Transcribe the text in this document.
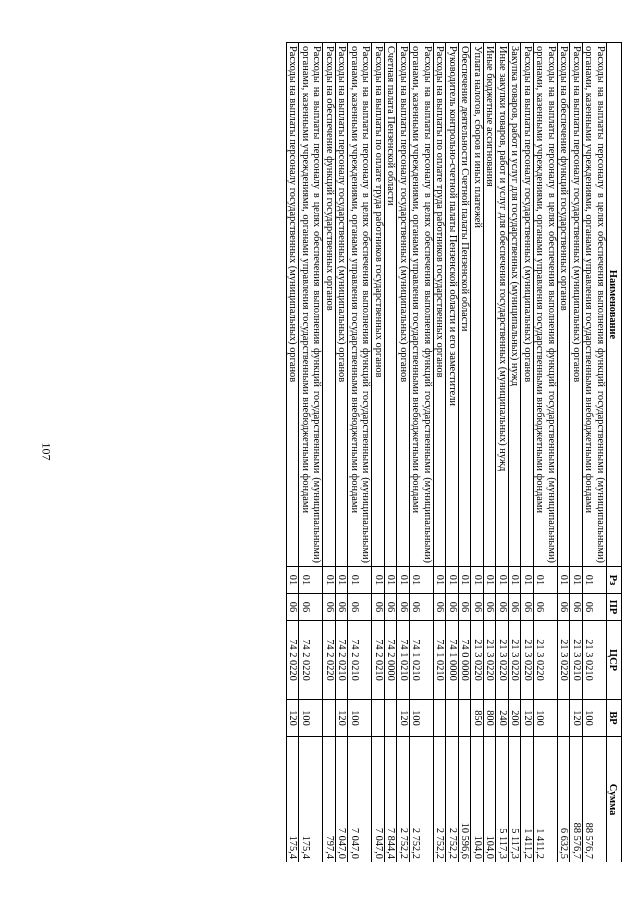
107
Наименование	Рз	ПР	ЦСР	ВР	Сумма
Расходы на выплаты персоналу в целях обеспечения выполнения функций государственными (муниципальными) органами, казенными учреждениями, органами управления государственными внебюджетными фондами	01	06	21 3 0210	100	88 576,7
Расходы на выплаты персоналу государственных (муниципальных) органов	01	06	21 3 0210	120	88 576,7
Расходы на обеспечение функций государственных органов	01	06	21 3 0220		6 632,5
Расходы на выплаты персоналу в целях обеспечения выполнения функций государственными (муниципальными) органами, казенными учреждениями, органами управления государственными внебюджетными фондами	01	06	21 3 0220	100	1 411,2
Расходы на выплаты персоналу государственных (муниципальных) органов	01	06	21 3 0220	120	1 411,2
Закупка товаров, работ и услуг для государственных (муниципальных) нужд	01	06	21 3 0220	200	5 117,3
Иные закупки товаров, работ и услуг для обеспечения государственных (муниципальных) нужд	01	06	21 3 0220	240	5 117,3
Иные бюджетные ассигнования	01	06	21 3 0220	800	104,0
Уплата налогов, сборов и иных платежей	01	06	21 3 0220	850	104,0
Обеспечение деятельности Счетной палаты Пензенской области	01	06	74 0 0000		10 596,6
Руководитель контрольно-счетной палаты Пензенской области и его заместители	01	06	74 1 0000		2 752,2
Расходы на выплаты по оплате труда работников государственных органов	01	06	74 1 0210		2 752,2
Расходы на выплаты персоналу в целях обеспечения выполнения функций государственными (муниципальными) органами, казенными учреждениями, органами управления государственными внебюджетными фондами	01	06	74 1 0210	100	2 752,2
Расходы на выплаты персоналу государственных (муниципальных) органов	01	06	74 1 0210	120	2 752,2
Счетная палата Пензенской области	01	06	74 2 0000		7 844,4
Расходы на выплаты по оплате труда работников государственных органов	01	06	74 2 0210		7 047,0
Расходы на выплаты персоналу в целях обеспечения выполнения функций государственными (муниципальными) органами, казенными учреждениями, органами управления государственными внебюджетными фондами	01	06	74 2 0210	100	7 047,0
Расходы на выплаты персоналу государственных (муниципальных) органов	01	06	74 2 0210	120	7 047,0
Расходы на обеспечение функций государственных органов	01	06	74 2 0220		797,4
Расходы на выплаты персоналу в целях обеспечения выполнения функций государственными (муниципальными) органами, казенными учреждениями, органами управления государственными внебюджетными фондами	01	06	74 2 0220	100	175,4
Расходы на выплаты персоналу государственных (муниципальных) органов	01	06	74 2 0220	120	175,4
